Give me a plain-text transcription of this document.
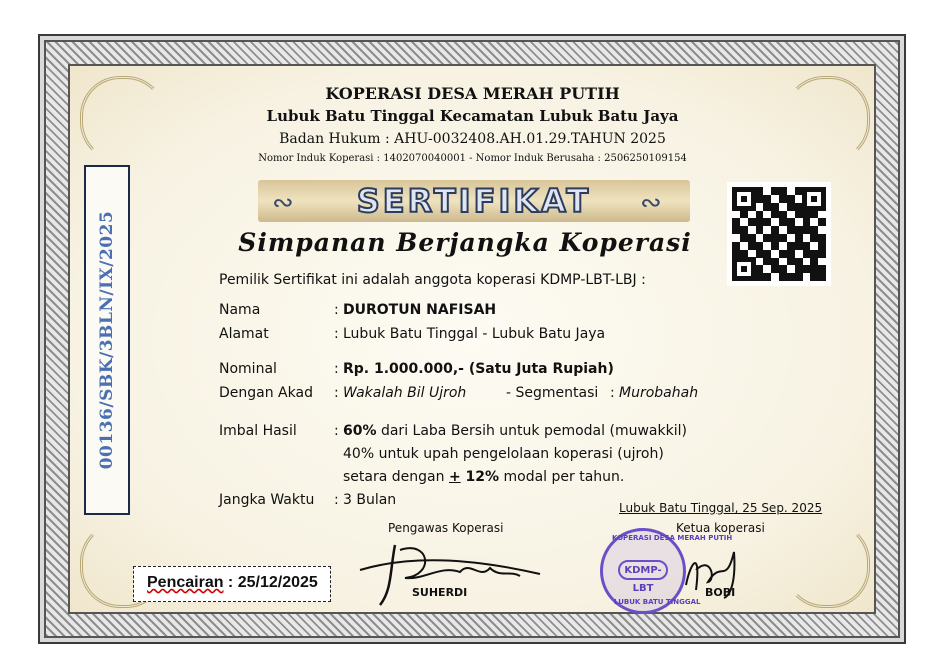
00136/SBK/3BLN/IX/2025
KOPERASI DESA MERAH PUTIH
Lubuk Batu Tinggal Kecamatan Lubuk Batu Jaya
Badan Hukum : AHU-0032408.AH.01.29.TAHUN 2025
Nomor Induk Koperasi : 1402070040001 - Nomor Induk Berusaha : 2506250109154
∾	∾
SERTIFIKAT
Simpanan Berjangka Koperasi
Pemilik Sertifikat ini adalah anggota koperasi KDMP-LBT-LBJ :
Nama	: DUROTUN NAFISAH
Alamat	: Lubuk Batu Tinggal - Lubuk Batu Jaya
Nominal	: Rp. 1.000.000,- (Satu Juta Rupiah)
Dengan Akad : Wakalah Bil Ujroh	- Segmentasi : Murobahah
Imbal Hasil	: 60% dari Laba Bersih untuk pemodal (muwakkil)
40% untuk upah pengelolaan koperasi (ujroh)
setara dengan + 12% modal per tahun.
Jangka Waktu : 3 Bulan	Lubuk Batu Tinggal, 25 Sep. 2025
Pengawas Koperasi	Ketua koperasi
SUHERDI
KOPERASI DESA MERAH PUTIH
KDMP-LBT
LUBUK BATU TINGGAL
BOBI
Pencairan : 25/12/2025
